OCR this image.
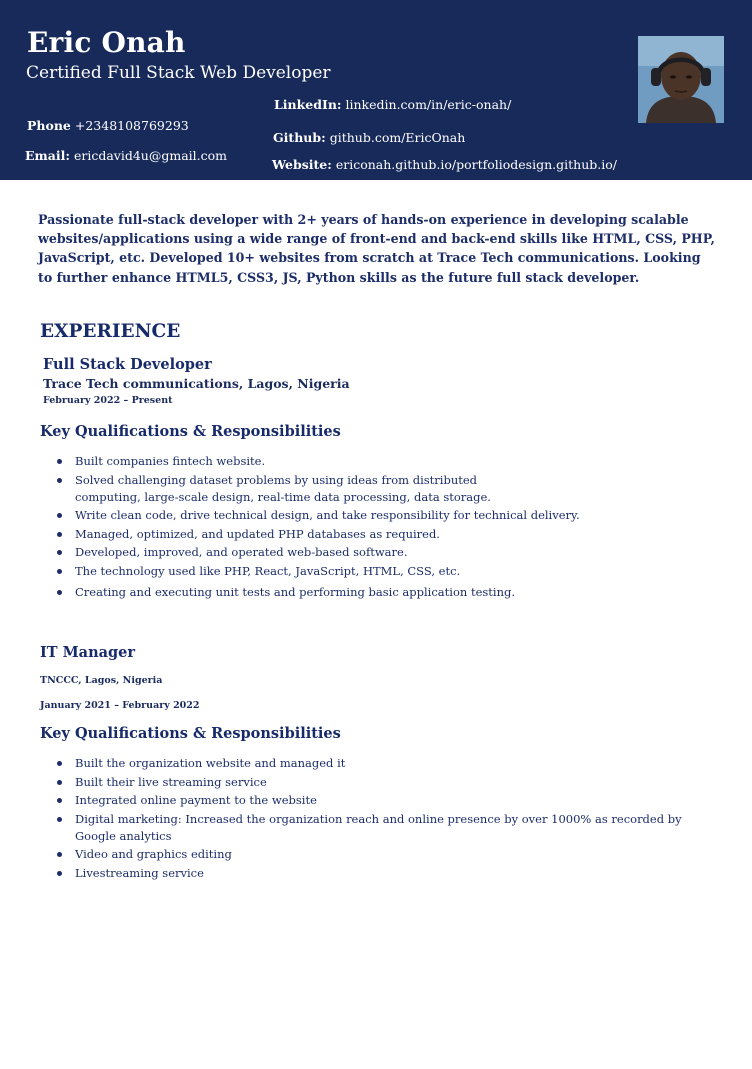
Eric Onah
Certified Full Stack Web Developer
LinkedIn: linkedin.com/in/eric-onah/
Phone +2348108769293
Github: github.com/EricOnah
Email: ericdavid4u@gmail.com
Website: ericonah.github.io/portfoliodesign.github.io/
Passionate full-stack developer with 2+ years of hands-on experience in developing scalable websites/applications using a wide range of front-end and back-end skills like HTML, CSS, PHP, JavaScript, etc. Developed 10+ websites from scratch at Trace Tech communications. Looking to further enhance HTML5, CSS3, JS, Python skills as the future full stack developer.
EXPERIENCE
Full Stack Developer
Trace Tech communications, Lagos, Nigeria
February 2022 – Present
Key Qualifications & Responsibilities
Built companies fintech website.
Solved challenging dataset problems by using ideas from distributed computing, large-scale design, real-time data processing, data storage.
Write clean code, drive technical design, and take responsibility for technical delivery.
Managed, optimized, and updated PHP databases as required.
Developed, improved, and operated web-based software.
The technology used like PHP, React, JavaScript, HTML, CSS, etc.
Creating and executing unit tests and performing basic application testing.
IT Manager
TNCCC, Lagos, Nigeria
January 2021 – February 2022
Key Qualifications & Responsibilities
Built the organization website and managed it
Built their live streaming service
Integrated online payment to the website
Digital marketing: Increased the organization reach and online presence by over 1000% as recorded by Google analytics
Video and graphics editing
Livestreaming service
